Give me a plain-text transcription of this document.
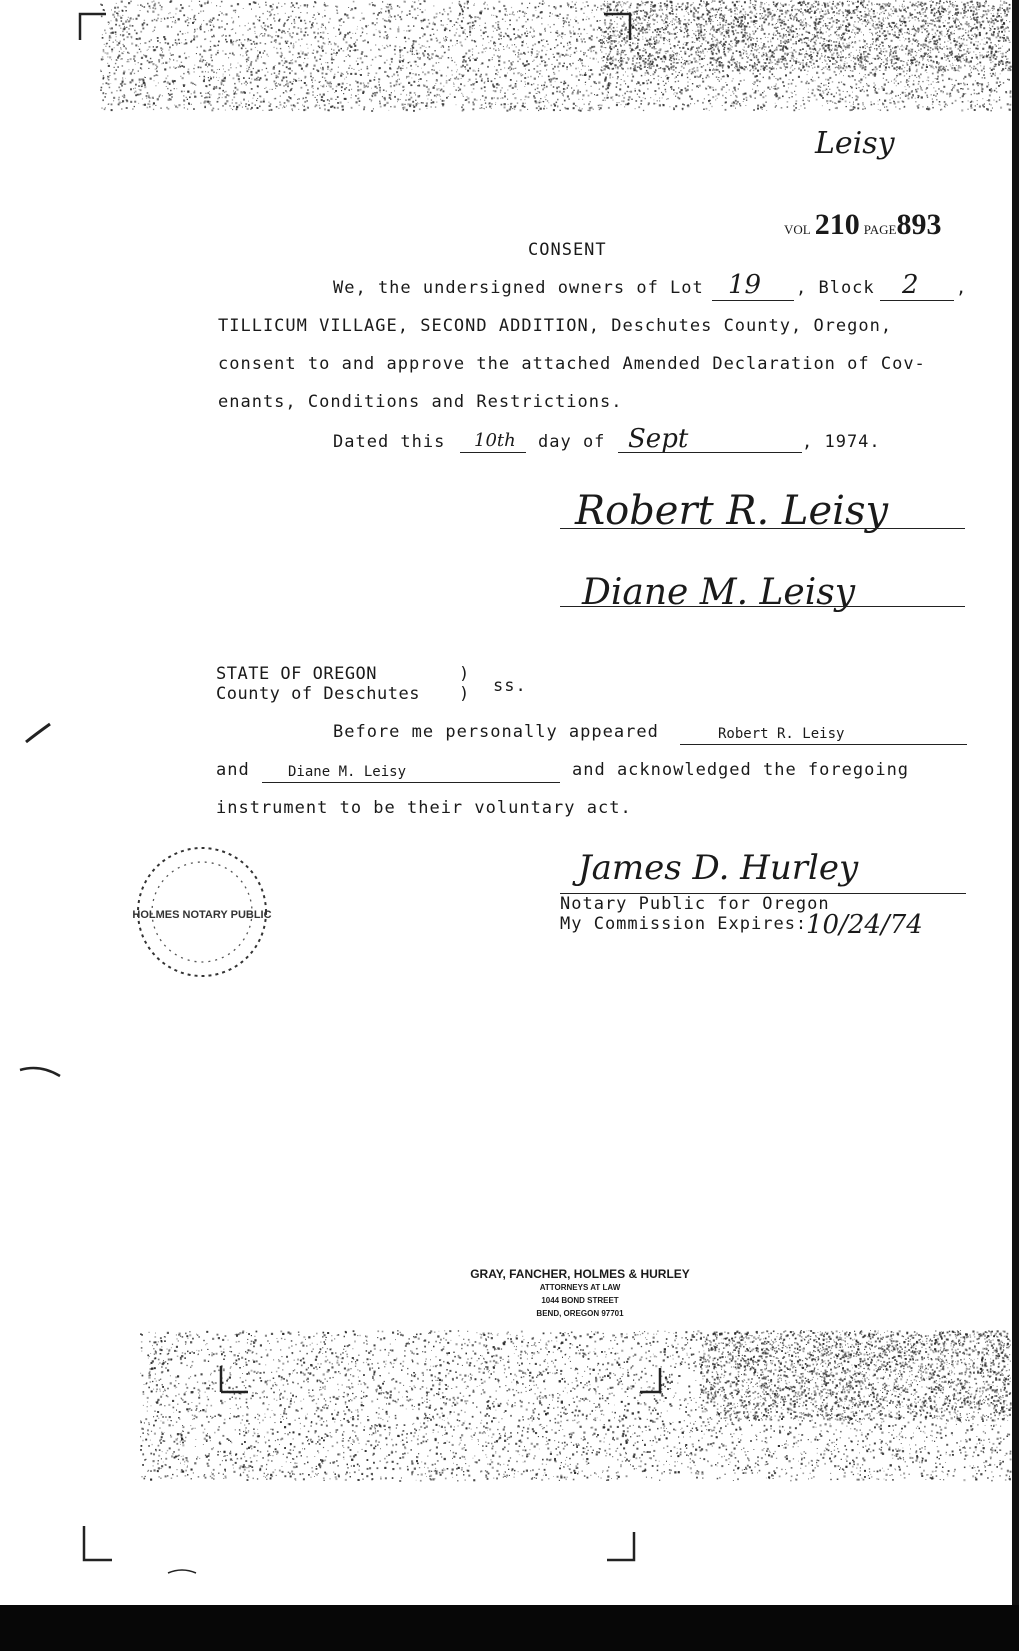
Leisy
VOL 210 PAGE893
CONSENT
We, the undersigned owners of Lot 19 , Block 2 ,
TILLICUM VILLAGE, SECOND ADDITION, Deschutes County, Oregon,
consent to and approve the attached Amended Declaration of Cov-
enants, Conditions and Restrictions.
Dated this 10th day of Sept	, 1974.
Robert R. Leisy
Diane M. Leisy
STATE OF OREGON
County of Deschutes
)
) ss.
Before me personally appeared	Robert R. Leisy
and	Diane M. Leisy	and acknowledged the foregoing
instrument to be their voluntary act.
HOLMES NOTARY PUBLIC
James D. Hurley
Notary Public for Oregon
My Commission Expires:
10/24/74
GRAY, FANCHER, HOLMES & HURLEY
ATTORNEYS AT LAW
1044 BOND STREET
BEND, OREGON 97701
